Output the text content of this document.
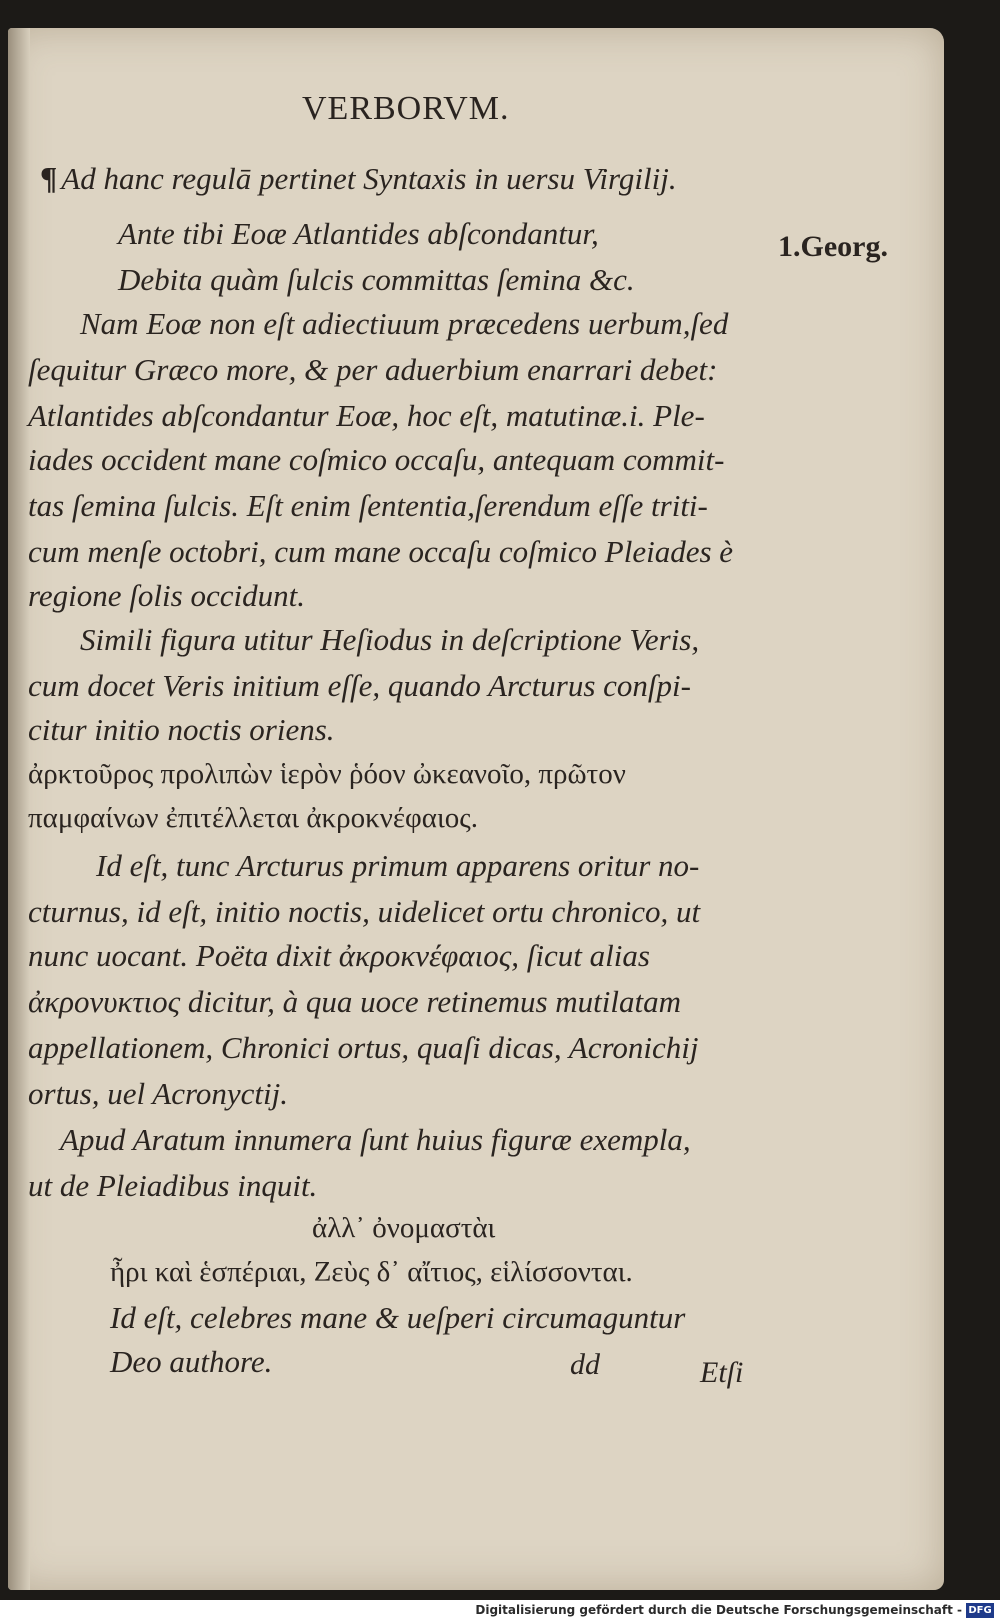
VERBORVM.
1.Georg.
¶ Ad hanc regulā pertinet Syntaxis in uersu Virgilij.
Ante tibi Eoæ Atlantides abſcondantur,
Debita quàm ſulcis committas ſemina &c.
Nam Eoæ non eſt adiectiuum præcedens uerbum,ſed
ſequitur Græco more, & per aduerbium enarrari debet:
Atlantides abſcondantur Eoæ, hoc eſt, matutinæ.i. Ple-
iades occident mane coſmico occaſu, antequam commit-
tas ſemina ſulcis. Eſt enim ſententia,ſerendum eſſe triti-
cum menſe octobri, cum mane occaſu coſmico Pleiades è
regione ſolis occidunt.
Simili figura utitur Heſiodus in deſcriptione Veris,
cum docet Veris initium eſſe, quando Arcturus conſpi-
citur initio noctis oriens.
ἀρκτοῦρος προλιπὼν ἱερὸν ῥόον ὠκεανοῖο, πρῶτον
παμφαίνων ἐπιτέλλεται ἀκροκνέφαιος.
Id eſt, tunc Arcturus primum apparens oritur no-
cturnus, id eſt, initio noctis, uidelicet ortu chronico, ut
nunc uocant. Poëta dixit ἀκροκνέφαιος, ſicut alias
ἀκρονυκτιος dicitur, à qua uoce retinemus mutilatam
appellationem, Chronici ortus, quaſi dicas, Acronichij
ortus, uel Acronyctij.
Apud Aratum innumera ſunt huius figuræ exempla,
ut de Pleiadibus inquit.
ἀλλ᾽ ὀνομαστὰι
ἦρι καὶ ἑσπέριαι, Ζεὺς δ᾽ αἴτιος, εἱλίσσονται.
Id eſt, celebres mane & ueſperi circumaguntur
Deo authore.	dd	Etſi
Digitalisierung gefördert durch die Deutsche Forschungsgemeinschaft - DFG
